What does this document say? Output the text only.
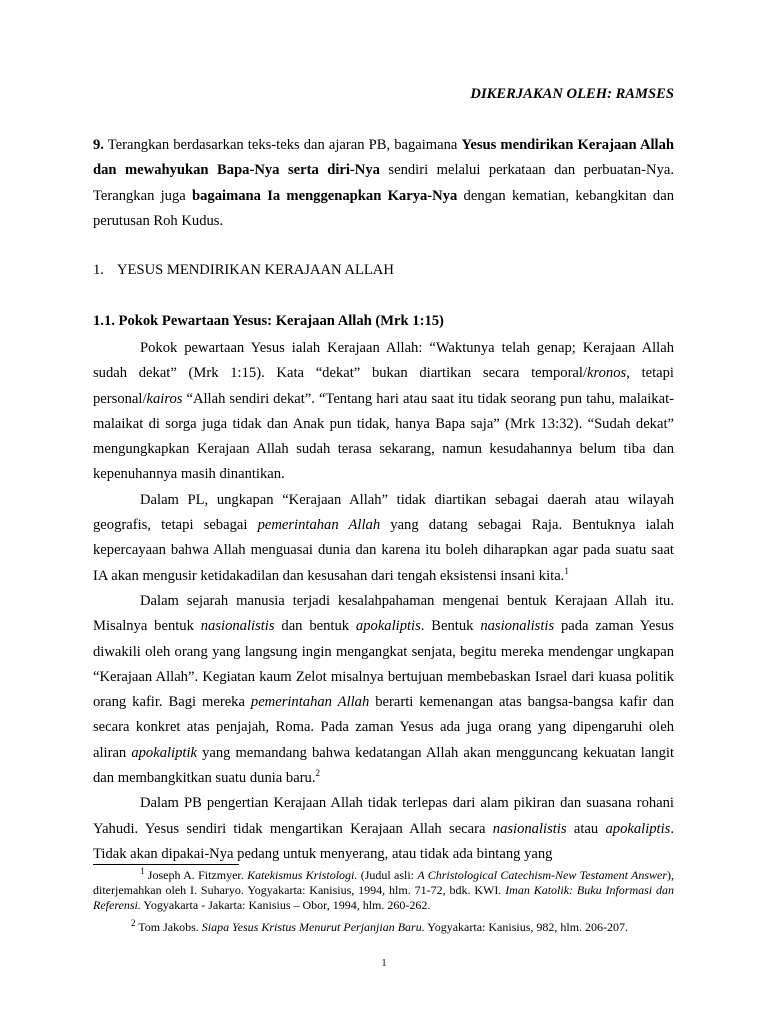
DIKERJAKAN OLEH: RAMSES

9. Terangkan berdasarkan teks-teks dan ajaran PB, bagaimana Yesus mendirikan Kerajaan Allah dan mewahyukan Bapa-Nya serta diri-Nya sendiri melalui perkataan dan perbuatan-Nya. Terangkan juga bagaimana Ia menggenapkan Karya-Nya dengan kematian, kebangkitan dan perutusan Roh Kudus.

1. YESUS MENDIRIKAN KERAJAAN ALLAH
1.1. Pokok Pewartaan Yesus: Kerajaan Allah (Mrk 1:15)

Pokok pewartaan Yesus ialah Kerajaan Allah: “Waktunya telah genap; Kerajaan Allah sudah dekat” (Mrk 1:15). Kata “dekat” bukan diartikan secara temporal/kronos, tetapi personal/kairos “Allah sendiri dekat”. “Tentang hari atau saat itu tidak seorang pun tahu, malaikat-malaikat di sorga juga tidak dan Anak pun tidak, hanya Bapa saja” (Mrk 13:32). “Sudah dekat” mengungkapkan Kerajaan Allah sudah terasa sekarang, namun kesudahannya belum tiba dan kepenuhannya masih dinantikan.

Dalam PL, ungkapan “Kerajaan Allah” tidak diartikan sebagai daerah atau wilayah geografis, tetapi sebagai pemerintahan Allah yang datang sebagai Raja. Bentuknya ialah kepercayaan bahwa Allah menguasai dunia dan karena itu boleh diharapkan agar pada suatu saat IA akan mengusir ketidakadilan dan kesusahan dari tengah eksistensi insani kita.$^1$

Dalam sejarah manusia terjadi kesalahpahaman mengenai bentuk Kerajaan Allah itu. Misalnya bentuk nasionalistis dan bentuk apokaliptis. Bentuk nasionalistis pada zaman Yesus diwakili oleh orang yang langsung ingin mengangkat senjata, begitu mereka mendengar ungkapan “Kerajaan Allah”. Kegiatan kaum Zelot misalnya bertujuan membebaskan Israel dari kuasa politik orang kafir. Bagi mereka pemerintahan Allah berarti kemenangan atas bangsa-bangsa kafir dan secara konkret atas penjajah, Roma. Pada zaman Yesus ada juga orang yang dipengaruhi oleh aliran apokaliptik yang memandang bahwa kedatangan Allah akan mengguncang kekuatan langit dan membangkitkan suatu dunia baru.$^2$

Dalam PB pengertian Kerajaan Allah tidak terlepas dari alam pikiran dan suasana rohani Yahudi. Yesus sendiri tidak mengartikan Kerajaan Allah secara nasionalistis atau apokaliptis. Tidak akan dipakai-Nya pedang untuk menyerang, atau tidak ada bintang yang

$^1$ Joseph A. Fitzmyer. Katekismus Kristologi. (Judul asli: A Christological Catechism-New Testament Answer), diterjemahkan oleh I. Suharyo. Yogyakarta: Kanisius, 1994, hlm. 71-72, bdk. KWI. Iman Katolik: Buku Informasi dan Referensi. Yogyakarta - Jakarta: Kanisius – Obor, 1994, hlm. 260-262.
$^2$ Tom Jakobs. Siapa Yesus Kristus Menurut Perjanjian Baru. Yogyakarta: Kanisius, 982, hlm. 206-207.
1
